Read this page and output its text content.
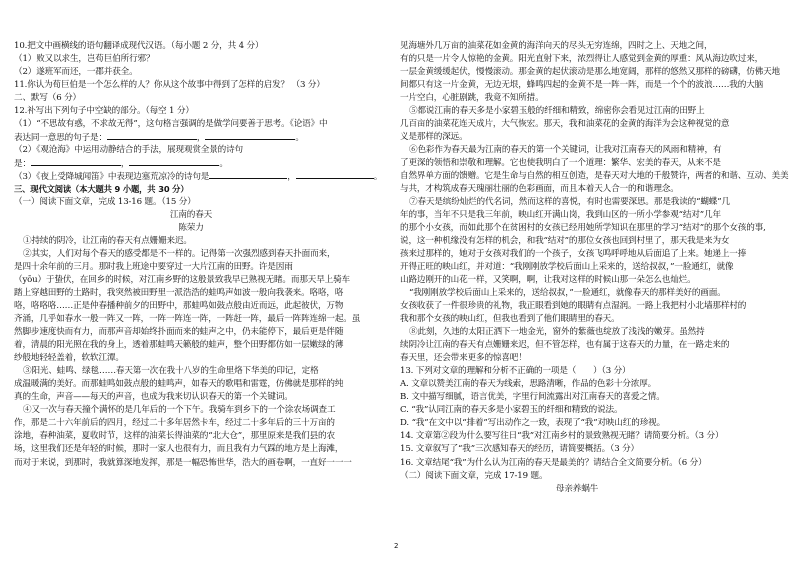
10.把文中画横线的语句翻译成现代汉语。（每小题 2 分，共 4 分）
（1）败又以求生，岂苟巨伯所行邪？
（2）遂班军而还，一郡并获全。
11.你认为荀巨伯是一个怎么样的人？你从这个故事中得到了怎样的启发？ （3 分）
二、默写（6 分）
12.补写出下列句子中空缺的部分。（每空 1 分）
（1）“不思故有惑，不求故无得”，这句格言强调的是做学问要善于思考。《论语》中
表达同一意思的句子是：	，	。
（2）《观沧海》中运用动静结合的手法，展现观赏全景的诗句
是：	，	。
（3）《夜上受降城闻笛》中表现边塞荒凉冷的诗句是	，	。
三、现代文阅读（本大题共 9 小题，共 30 分）
（一）阅读下面文章，完成 13-16 题。（15 分）
江南的春天
陈荣力
①持续的阴冷，让江南的春天有点姗姗来迟。
②其实，人们对每个春天的感受都是不一样的。记得第一次强烈感到春天扑面而来，
是四十余年前的三月。那时我上班途中要穿过一大片江南的田野。许是因雨
（yōu）于蛰伏，在回乡的时候，对江南乡野的这般景致我早已熟视无睹。而那天早上骑车
踏上穿越田野的土路时，我突然被田野里一派浩浩的蛙鸣声如波一般向我袭来。咯咯，咯
咯，咯咯咯……正是仲春播种前夕的田野中，那蛙鸣如鼓点般由近而远，此起彼伏，万物
齐涌，几乎如春水一般一阵又一阵，一阵一阵连一阵，一阵赶一阵，最后一阵阵连绵一起。虽
然脚步速度快而有力，而那声音却始终扑面而来的蛙声之中，仍未能停下，最后更是伴随
着，清晨的阳光照在我的身上，透着那蛙鸣天籁般的蛙声，整个田野都仿如一层嫩绿的薄
纱般地轻轻盖着，软软江潭。
③阳光、蛙鸣、绿毯……春天第一次在我十八岁的生命里烙下华美的印记，定格
成温暖满的美好。而那蛙鸣如鼓点般的蛙鸣声，如春天的歌唱和雷霆，仿佛就是那样的纯
真的生命，声音——每天的声音，也成为我来切认识春天的第一个关键词。
④又一次与春天撞个满怀的是几年后的一个下午。我骑车到乡下的一个涂农场调查工
作，那是二十六年前后的四月，经过二十多年居然卡车，经过二十多年后的三十万亩的
涂地，春种油菜，夏收时节，这样的油菜长得油菜的“北大仓”，那里原来是我们县的农
场，这里我们还是年轻的时候，那时一家人也很有力，而且我有力气踩的地方是上海滩，
而对于来说，到那时，我就算深地发挥，那是一幅恐怖世华，浩大的画卷啊，一直好一一一
见海塘外几万亩的油菜花如金黄的海洋向天的尽头无穷连绵，四时之上、天地之间，
有的只是一片令人惊艳的金黄。阳光直射下来，浓烈得让人感觉到金黄的厚重：风从海边吹过来，
一层金黄缓缓起伏，慢慢滚动。那金黄的起伏滚动是那么地宽阔，那样的悠然又那样的磅礴，仿佛天地
间都只有这一片金黄，无边无垠，蜂鸣四起的金黄不是一阵一阵，而是一个个的波浪……我的大脑
一片空白，心脏剧跳，我竟不知所措。
⑤都说江南的春天多是小家碧玉般的纤细和精致，绵密你会看见过江南的田野上
几百亩的油菜花连天成片，大气恢宏。那天，我和油菜花的金黄的海洋为会这种视觉的意
义是那样的深远。
⑥色彩作为春天最为江南的春天的第一个关键词，让我对江南春天的风雨和精神，有
了更深的领悟和崇敬和理解。它也使我明白了一个道理：繁华、宏美的春天，从来不是
自然界单方面的馈赠。它是生命与自然的相互创造，是春天对大地的千般赞许，两者的和谐、互动、美美
与共，才构筑成春天瑰丽壮丽的色彩画面，而且本着天人合一的和谐理念。
⑦春天是缤纷灿烂的代名词，然而这样的喜悦，有时也需要深思。那是我读的“蝴蝶”几
年的事，当年不只是我三年前，映山红开满山岗，我到山区的一所小学参观“结对”几年
的那个小女孩，而如此那个在贫困村的女孩已经用她所学知识在那里的学习“结对”的那个女孩的事,
说，这一种机缘没有怎样的机会，和我“结对”的那位女孩也回到村里了，那天我是来为女
孩来过那样的，她对于女孩对我们的一个孩子，女孩飞鸣呼呼地从后面追了上来。她递上一捧
开得正旺的映山红，并对道：“我刚刚放学校后面山上采来的，送给叔叔，”一脸通红，就像
山路边刚开的山花一样，又笑啊，啊，让我对这样的时候山那一朵怎么也灿烂。
“我刚刚放学校后面山上采来的，送给叔叔，”一脸通红，就像春天的那样美好的画面。
女孩收获了一件很珍贵的礼物，我正眼看到她的眼睛有点湿润。一路上我把村小北墙那样村的
我和那个女孩的映山红，但我也看到了他们眼睛里的春天。
⑧此刻，久违的太阳正洒下一地金光，窗外的紫薇也绽放了浅浅的嫩芽。虽然持
续阴冷让江南的春天有点姗姗来迟，但不管怎样，也有属于这春天的力量，在一路走来的
春天里，还会带来更多的惊喜吧！
13. 下列对文章的理解和分析不正确的一项是（　　）（3 分）
A. 文章以赞美江南的春天为线索，思路清晰，作品的色彩十分浓厚。
B. 文中描写细腻，语言优美，字里行间流露出对江南春天的喜爱之情。
C. “我”认同江南的春天多是小家碧玉的纤细和精致的说法。
D. “我”在文中以“排着”写出动作之一致，表现了“我”对映山红的珍视。
14. 文章第②段为什么要写往日“我”对江南乡村的景致熟视无睹？请简要分析。（3 分）
15. 文章叙写了“我”三次感知春天的经历，请简要概括。（3 分）
16. 文章结尾“我”为什么认为江南的春天是最美的？请结合全文简要分析。（6 分）
（二）阅读下面文章，完成 17-19 题。
母亲养蜗牛
2
